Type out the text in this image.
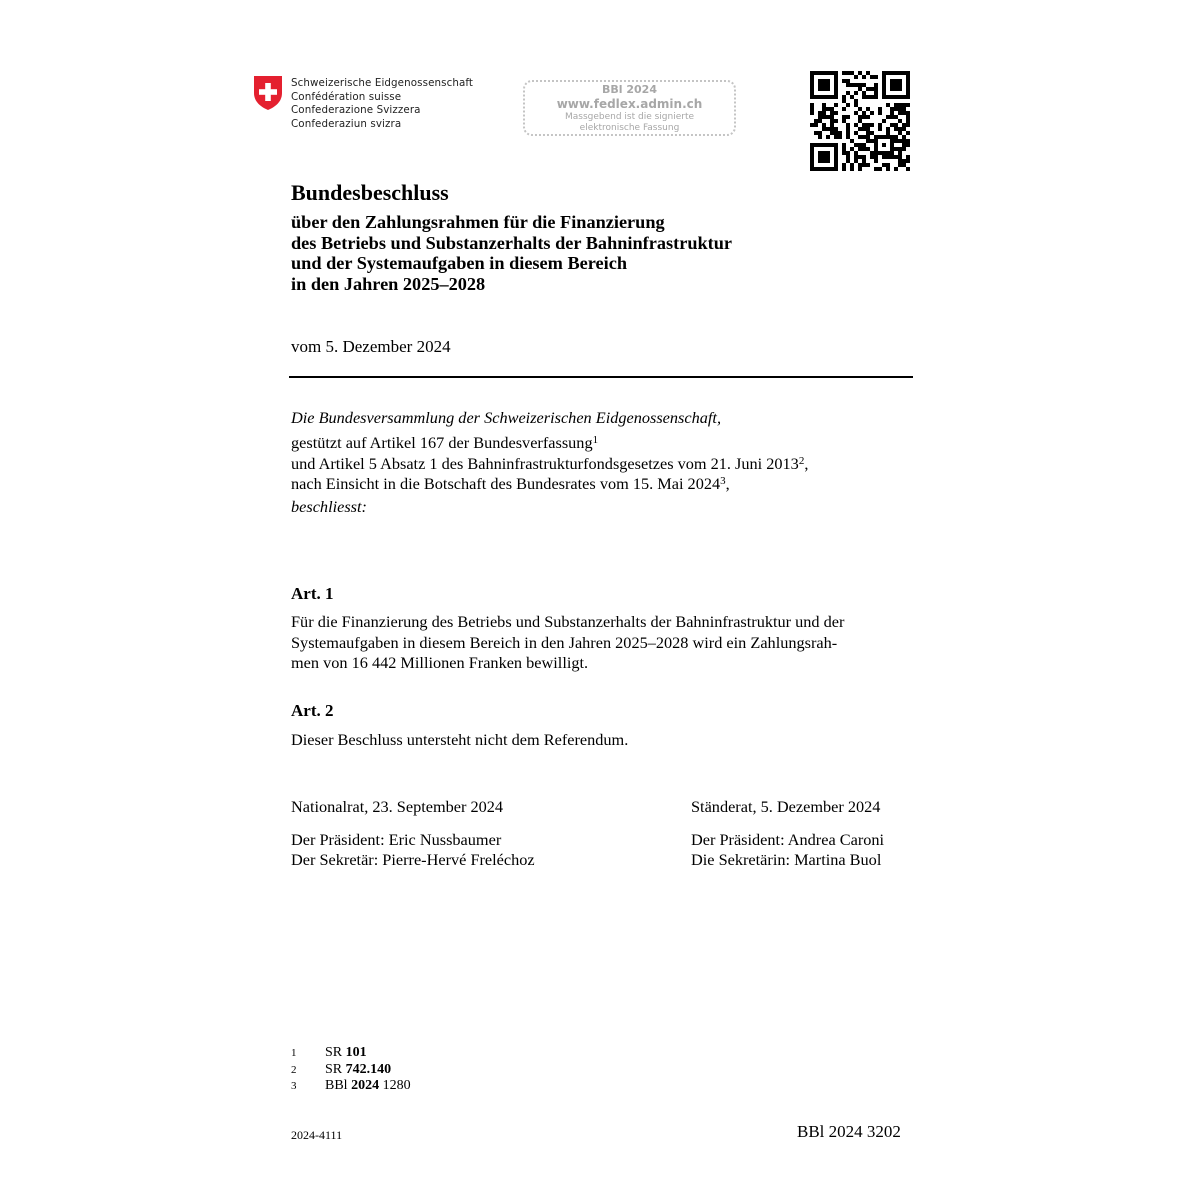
Schweizerische Eidgenossenschaft
Confédération suisse
Confederazione Svizzera
Confederaziun svizra
BBl 2024
www.fedlex.admin.ch
Massgebend ist die signierte
elektronische Fassung
Bundesbeschluss
über den Zahlungsrahmen für die Finanzierung
des Betriebs und Substanzerhalts der Bahninfrastruktur
und der Systemaufgaben in diesem Bereich
in den Jahren 2025–2028
vom 5. Dezember 2024
Die Bundesversammlung der Schweizerischen Eidgenossenschaft,
gestützt auf Artikel 167 der Bundesverfassung$^1$
und Artikel 5 Absatz 1 des Bahninfrastrukturfondsgesetzes vom 21. Juni 2013$^2$,
nach Einsicht in die Botschaft des Bundesrates vom 15. Mai 2024$^3$,
beschliesst:
Art. 1
Für die Finanzierung des Betriebs und Substanzerhalts der Bahninfrastruktur und der
Systemaufgaben in diesem Bereich in den Jahren 2025–2028 wird ein Zahlungsrah-
men von 16 442 Millionen Franken bewilligt.
Art. 2
Dieser Beschluss untersteht nicht dem Referendum.
Nationalrat, 23. September 2024
Der Präsident: Eric Nussbaumer
Der Sekretär: Pierre-Hervé Freléchoz
Ständerat, 5. Dezember 2024
Der Präsident: Andrea Caroni
Die Sekretärin: Martina Buol
1	SR 101
2	SR 742.140
3	BBl 2024 1280
2024-4111	BBl 2024 3202
